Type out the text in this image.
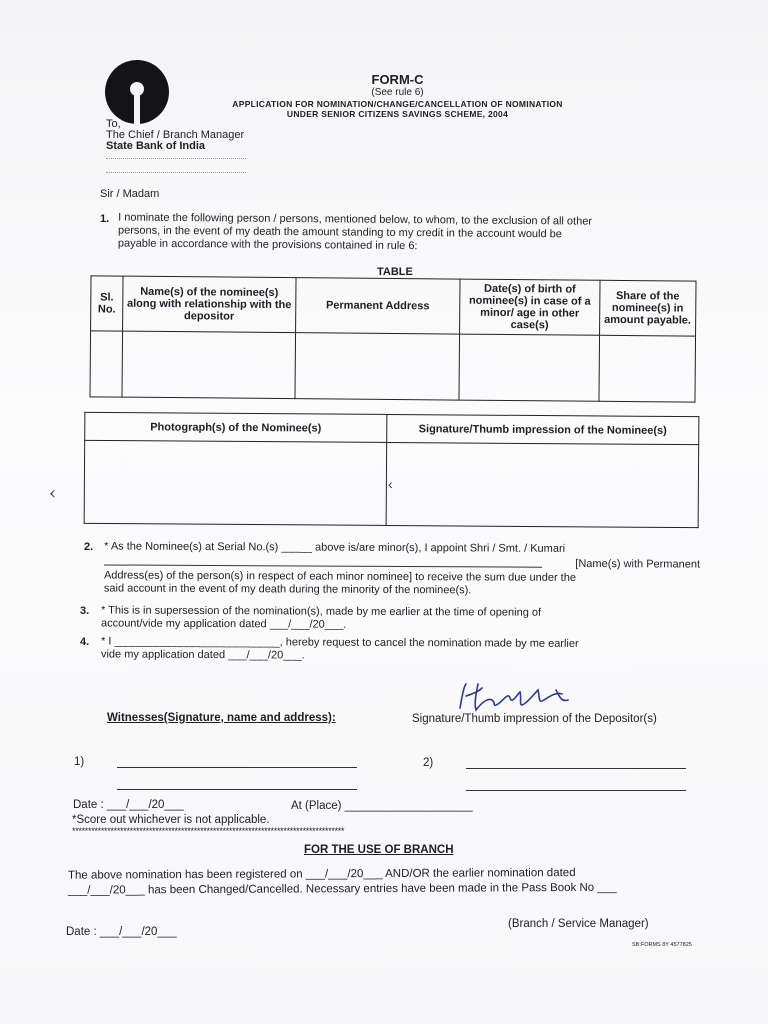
FORM-C
(See rule 6)
APPLICATION FOR NOMINATION/CHANGE/CANCELLATION OF NOMINATION
UNDER SENIOR CITIZENS SAVINGS SCHEME, 2004
To,
The Chief / Branch Manager
State Bank of India
Sir / Madam
1. I nominate the following person / persons, mentioned below, to whom, to the exclusion of all other
persons, in the event of my death the amount standing to my credit in the account would be
payable in accordance with the provisions contained in rule 6:
TABLE
Sl. No.	Name(s) of the nominee(s) along with relationship with the depositor	Permanent Address	Date(s) of birth of nominee(s) in case of a minor/ age in other case(s)	Share of the nominee(s) in amount payable.

Photograph(s) of the Nominee(s)	Signature/Thumb impression of the Nominee(s)

‹	‹
2. * As the Nominee(s) at Serial No.(s) _____ above is/are minor(s), I appoint Shri / Smt. / Kumari
[Name(s) with Permanent
Address(es) of the person(s) in respect of each minor nominee] to receive the sum due under the
said account in the event of my death during the minority of the nominee(s).
3. * This is in supersession of the nomination(s), made by me earlier at the time of opening of
account/vide my application dated ___/___/20___.
4. * I ___________________________, hereby request to cancel the nomination made by me earlier
vide my application dated ___/___/20___.
Witnesses(Signature, name and address):	Signature/Thumb impression of the Depositor(s)
1)	2)
Date : ___/___/20___	At (Place) ____________________
*Score out whichever is not applicable.
*************************************************************************************
FOR THE USE OF BRANCH
The above nomination has been registered on ___/___/20___ AND/OR the earlier nomination dated
___/___/20___ has been Changed/Cancelled. Necessary entries have been made in the Pass Book No ___
(Branch / Service Manager)
Date : ___/___/20___
SB:FORMS 8Y 4577825
